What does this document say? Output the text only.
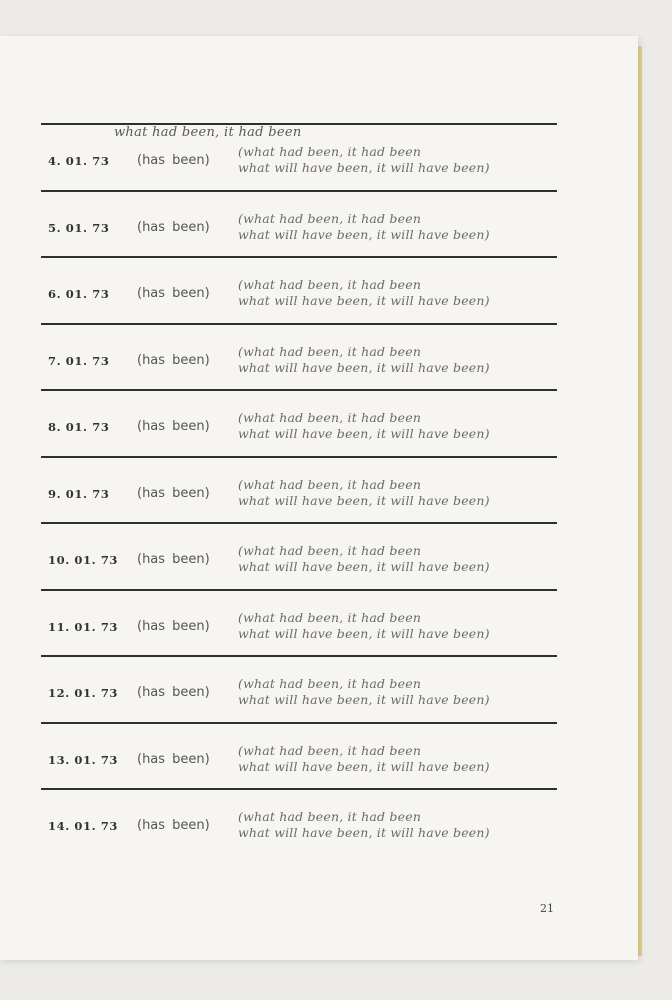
what had been, it had been
4. 01. 73 (has been)
(what had been, it had been
what will have been, it will have been)
5. 01. 73 (has been)
(what had been, it had been
what will have been, it will have been)
6. 01. 73 (has been)
(what had been, it had been
what will have been, it will have been)
7. 01. 73 (has been)
(what had been, it had been
what will have been, it will have been)
8. 01. 73 (has been)
(what had been, it had been
what will have been, it will have been)
9. 01. 73 (has been)
(what had been, it had been
what will have been, it will have been)
10. 01. 73 (has been)
(what had been, it had been
what will have been, it will have been)
11. 01. 73 (has been)
(what had been, it had been
what will have been, it will have been)
12. 01. 73 (has been)
(what had been, it had been
what will have been, it will have been)
13. 01. 73 (has been)
(what had been, it had been
what will have been, it will have been)
14. 01. 73 (has been)
(what had been, it had been
what will have been, it will have been)
21
